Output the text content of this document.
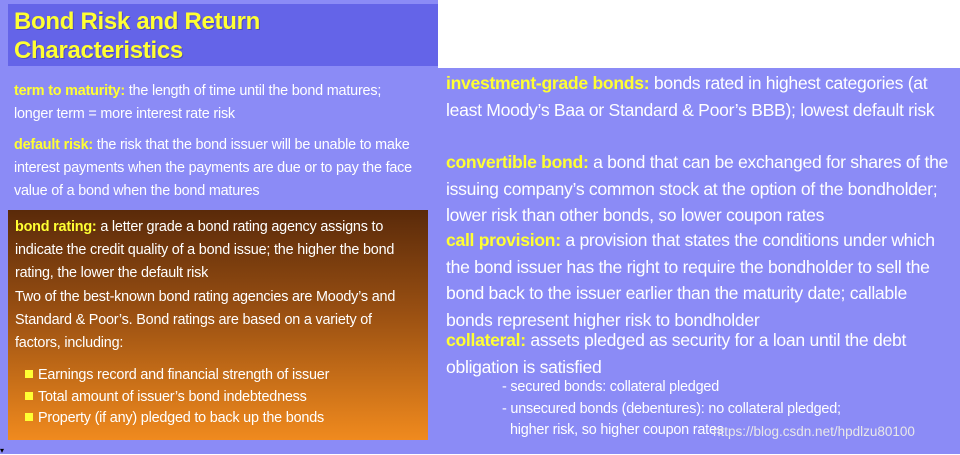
Bond Risk and Return
Characteristics

term to maturity: the length of time until the bond matures; longer term = more interest rate risk

default risk: the risk that the bond issuer will be unable to make interest payments when the payments are due or to pay the face value of a bond when the bond matures

bond rating: a letter grade a bond rating agency assigns to indicate the credit quality of a bond issue; the higher the bond rating, the lower the default risk

Two of the best-known bond rating agencies are Moody’s and Standard & Poor’s. Bond ratings are based on a variety of factors, including:

Earnings record and financial strength of issuer
Total amount of issuer’s bond indebtedness
Property (if any) pledged to back up the bonds
▾

investment-grade bonds: bonds rated in highest categories (at least Moody’s Baa or Standard & Poor’s BBB); lowest default risk

convertible bond: a bond that can be exchanged for shares of the issuing company’s common stock at the option of the bondholder; lower risk than other bonds, so lower coupon rates

call provision: a provision that states the conditions under which the bond issuer has the right to require the bondholder to sell the bond back to the issuer earlier than the maturity date; callable bonds represent higher risk to bondholder

collateral: assets pledged as security for a loan until the debt obligation is satisfied

- secured bonds: collateral pledged
- unsecured bonds (debentures): no collateral pledged;
higher risk, so higher coupon rates
https://blog.csdn.net/hpdlzu80100
